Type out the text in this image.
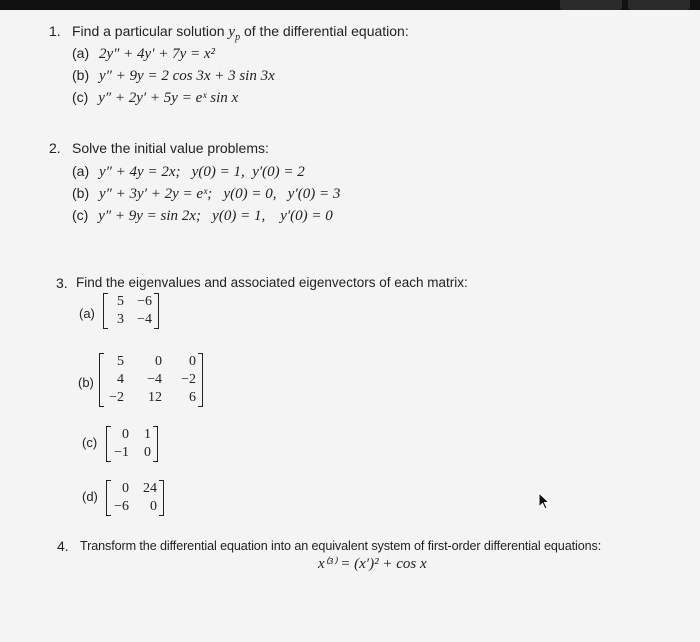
1. Find a particular solution $y_p$ of the differential equation:
(a) 2y″ + 4y′ + 7y = x²
(b) y″ + 9y = 2 cos 3x + 3 sin 3x
(c) y″ + 2y′ + 5y = eˣ sin x
2. Solve the initial value problems:
(a) y″ + 4y = 2x;   y(0) = 1,  y′(0) = 2
(b) y″ + 3y′ + 2y = eˣ;   y(0) = 0,   y′(0) = 3
(c) y″ + 9y = sin 2x;   y(0) = 1,    y′(0) = 0
3. Find the eigenvalues and associated eigenvectors of each matrix:
(a)
5 −6
3 −4
(b)
5	0	0
4	−4	−2
−2	12	6
(c)
0	1
−1	0
(d)
0	24
−6	0
4. Transform the differential equation into an equivalent system of first-order differential equations:
x⁽³⁾ = (x′)² + cos x
